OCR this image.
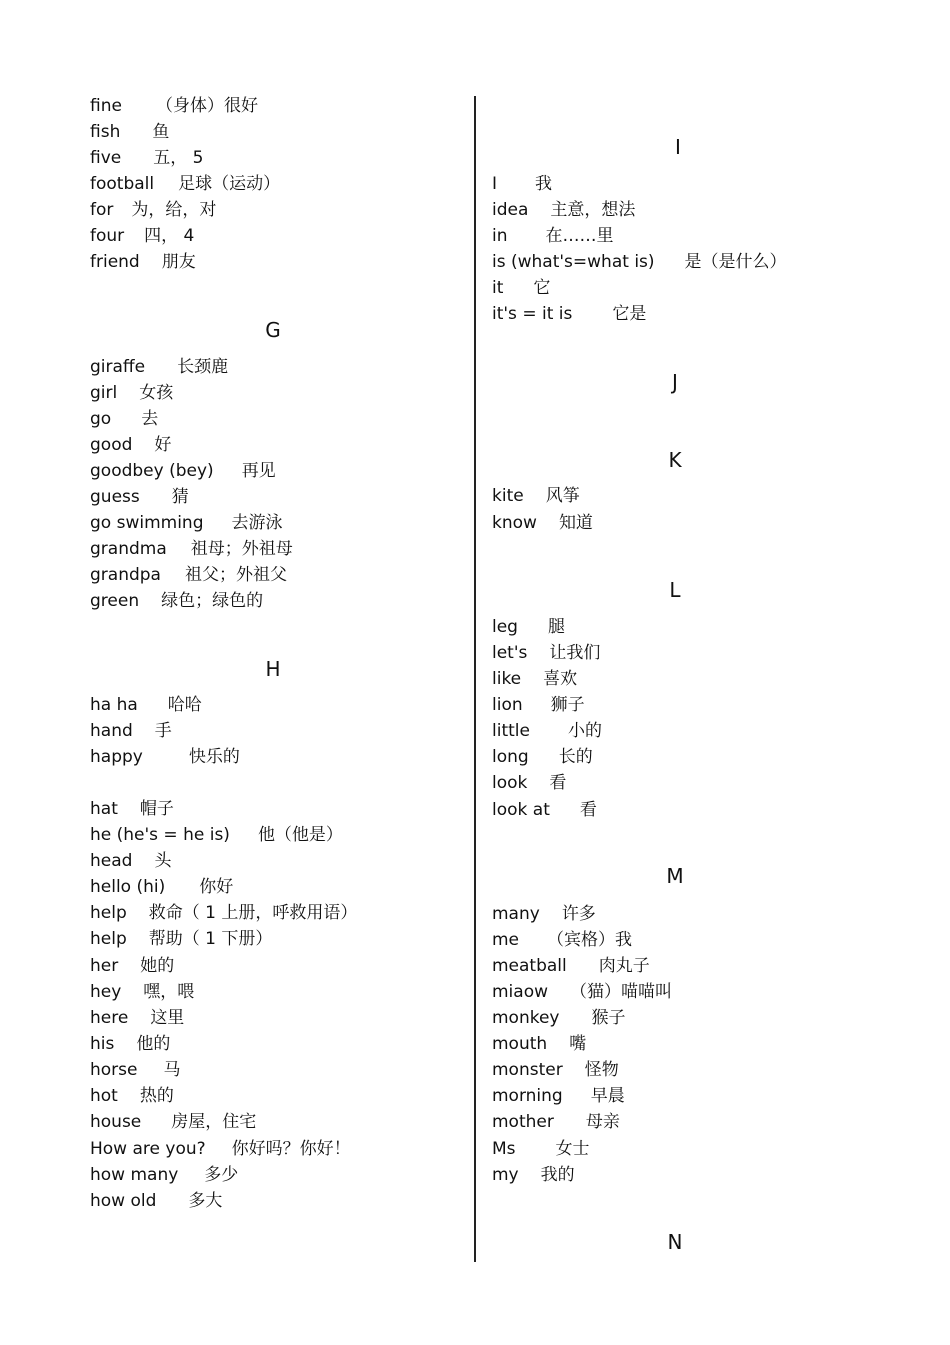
fine （身体）很好
fish 鱼
five 五， 5
football 足球（运动）
for 为，给，对
four 四， 4
friend 朋友
G
giraffe 长颈鹿
girl 女孩
go 去
good 好
goodbey (bey) 再见
guess 猜
go swimming 去游泳
grandma 祖母；外祖母
grandpa 祖父；外祖父
green 绿色；绿色的
H
ha ha 哈哈
hand 手
happy	快乐的
hat 帽子
he (he's = he is) 他（他是）
head 头
hello (hi) 你好
help 救命（ 1 上册，呼救用语）
help 帮助（ 1 下册）
her 她的
hey 嘿，喂
here 这里
his 他的
horse 马
hot 热的
house 房屋，住宅
How are you? 你好吗？你好！
how many 多少
how old 多大
I
I 我
idea 主意，想法
in 在……里
is (what's=what is) 是（是什么）
it 它
it's = it is 它是
J
K
kite 风筝
know 知道
L
leg 腿
let's 让我们
like 喜欢
lion 狮子
little 小的
long 长的
look 看
look at 看
M
many 许多
me （宾格）我
meatball 肉丸子
miaow （猫）喵喵叫
monkey 猴子
mouth 嘴
monster 怪物
morning 早晨
mother 母亲
Ms 女士
my 我的
N
